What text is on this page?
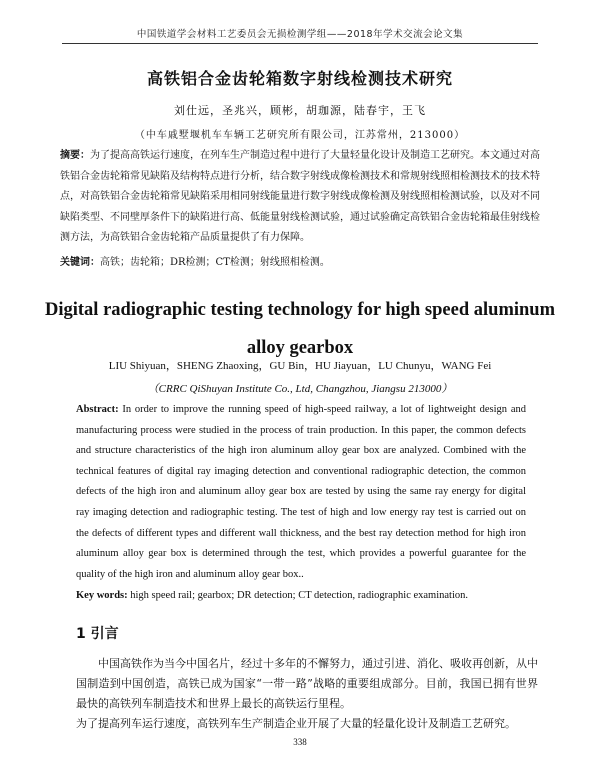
中国铁道学会材料工艺委员会无损检测学组——2018年学术交流会论文集
高铁铝合金齿轮箱数字射线检测技术研究
刘仕远，圣兆兴，顾彬，胡珈源，陆春宇，王飞
（中车戚墅堰机车车辆工艺研究所有限公司，江苏常州，213000）
摘要：为了提高高铁运行速度，在列车生产制造过程中进行了大量轻量化设计及制造工艺研究。本文通过对高铁铝合金齿轮箱常见缺陷及结构特点进行分析，结合数字射线成像检测技术和常规射线照相检测技术的技术特点，对高铁铝合金齿轮箱常见缺陷采用相同射线能量进行数字射线成像检测及射线照相检测试验，以及对不同缺陷类型、不同壁厚条件下的缺陷进行高、低能量射线检测试验，通过试验确定高铁铝合金齿轮箱最佳射线检测方法，为高铁铝合金齿轮箱产品质量提供了有力保障。
关键词：高铁；齿轮箱；DR检测；CT检测；射线照相检测。
Digital radiographic testing technology for high speed aluminum
alloy gearbox
LIU Shiyuan，SHENG Zhaoxing，GU Bin，HU Jiayuan，LU Chunyu，WANG Fei
（CRRC QiShuyan Institute Co., Ltd, Changzhou, Jiangsu 213000）
Abstract: In order to improve the running speed of high-speed railway, a lot of lightweight design and manufacturing process were studied in the process of train production. In this paper, the common defects and structure characteristics of the high iron aluminum alloy gear box are analyzed. Combined with the technical features of digital ray imaging detection and conventional radiographic detection, the common defects of the high iron and aluminum alloy gear box are tested by using the same ray energy for digital ray imaging detection and radiographic testing. The test of high and low energy ray test is carried out on the defects of different types and different wall thickness, and the best ray detection method for high iron aluminum alloy gear box is determined through the test, which provides a powerful guarantee for the quality of the high iron and aluminum alloy gear box..
Key words: high speed rail; gearbox; DR detection; CT detection, radiographic examination.
1 引言

中国高铁作为当今中国名片，经过十多年的不懈努力，通过引进、消化、吸收再创新，从中国制造到中国创造，高铁已成为国家“一带一路”战略的重要组成部分。目前，我国已拥有世界最快的高铁列车制造技术和世界上最长的高铁运行里程。

为了提高列车运行速度，高铁列车生产制造企业开展了大量的轻量化设计及制造工艺研究。

338
